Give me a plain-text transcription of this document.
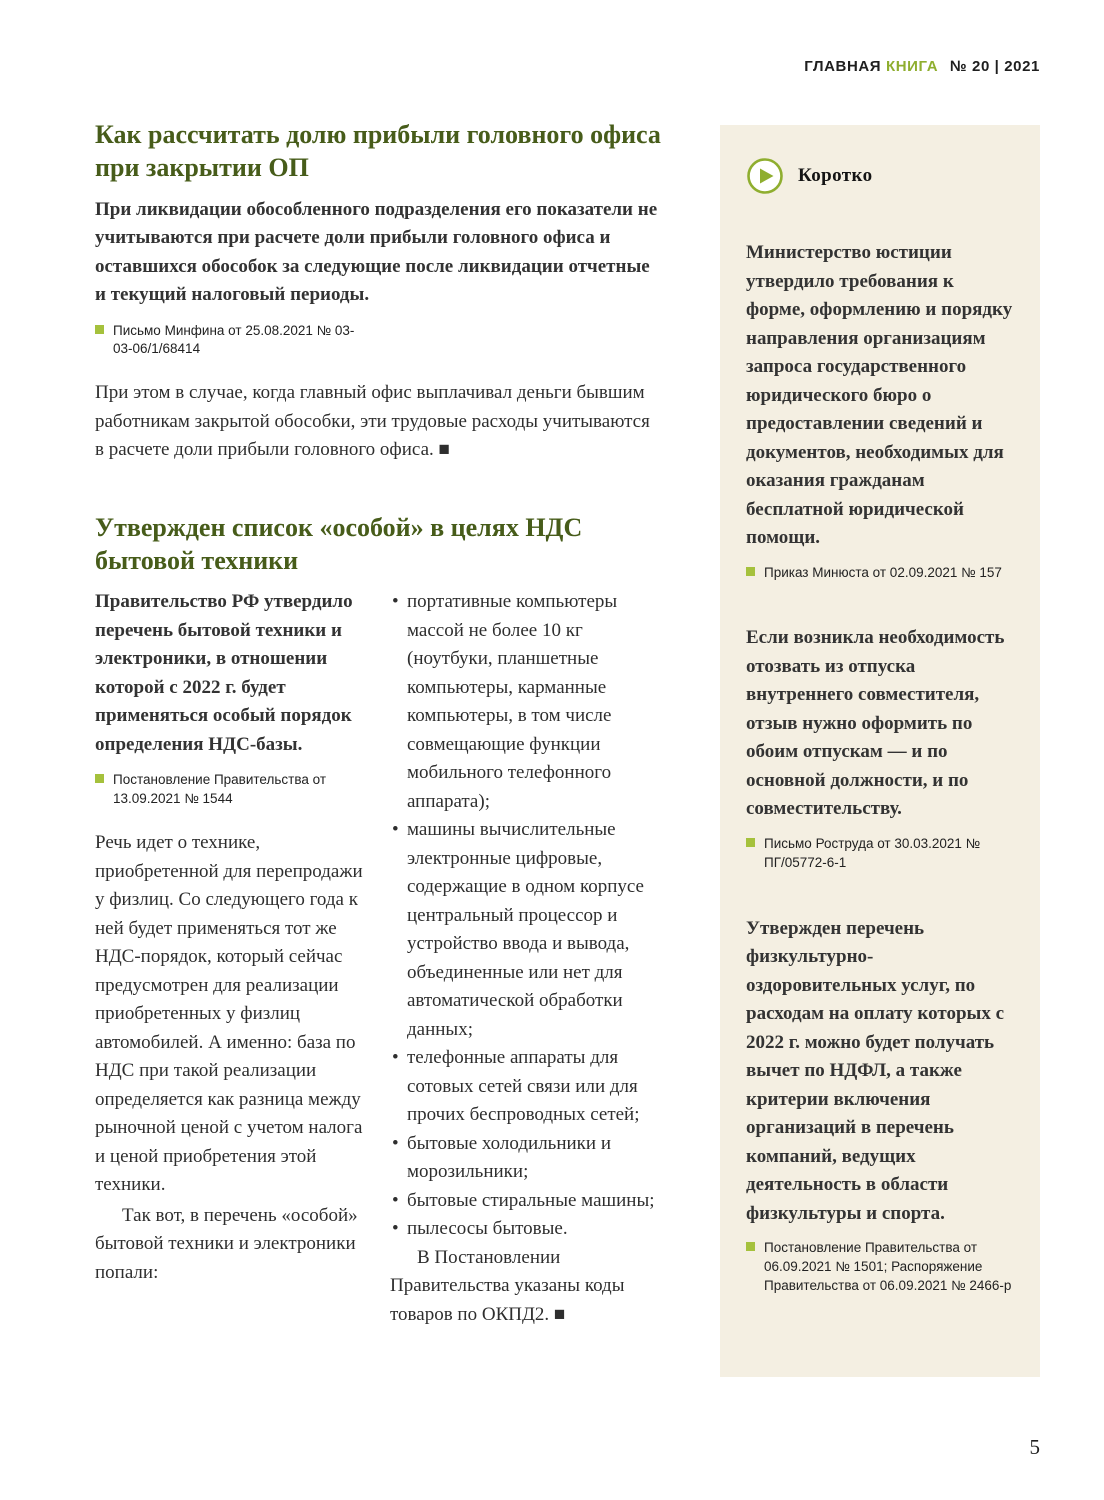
ГЛАВНАЯ КНИГА № 20 | 2021
Как рассчитать долю прибыли головного офиса при закрытии ОП

При ликвидации обособленного подразделения его показатели не учитываются при расчете доли прибыли головного офиса и оставшихся обособок за следующие после ликвидации отчетные и текущий налоговый периоды.

Письмо Минфина от 25.08.2021 № 03-03-06/1/68414

При этом в случае, когда главный офис выплачивал деньги бывшим работникам закрытой обособки, эти трудовые расходы учитываются в расчете доли прибыли головного офиса. ■

Утвержден список «особой» в целях НДС бытовой техники

Правительство РФ утвердило перечень бытовой техники и электроники, в отношении которой с 2022 г. будет применяться особый порядок определения НДС-базы.

Постановление Правительства от 13.09.2021 № 1544

Речь идет о технике, приобретенной для перепродажи у физлиц. Со следующего года к ней будет применяться тот же НДС-порядок, который сейчас предусмотрен для реализации приобретенных у физлиц автомобилей. А именно: база по НДС при такой реализации определяется как разница между рыночной ценой с учетом налога и ценой приобретения этой техники.

Так вот, в перечень «особой» бытовой техники и электроники попали:

• портативные компьютеры массой не более 10 кг (ноутбуки, планшетные компьютеры, карманные компьютеры, в том числе совмещающие функции мобильного телефонного аппарата);
• машины вычислительные электронные цифровые, содержащие в одном корпусе центральный процессор и устройство ввода и вывода, объединенные или нет для автоматической обработки данных;
• телефонные аппараты для сотовых сетей связи или для прочих беспроводных сетей;
• бытовые холодильники и морозильники;
• бытовые стиральные машины;
• пылесосы бытовые.

В Постановлении Правительства указаны коды товаров по ОКПД2. ■

Коротко

Министерство юстиции утвердило требования к форме, оформлению и порядку направления организациям запроса государственного юридического бюро о предоставлении сведений и документов, необходимых для оказания гражданам бесплатной юридической помощи.

Приказ Минюста от 02.09.2021 № 157

Если возникла необходимость отозвать из отпуска внутреннего совместителя, отзыв нужно оформить по обоим отпускам — и по основной должности, и по совместительству.

Письмо Роструда от 30.03.2021 № ПГ/05772-6-1

Утвержден перечень физкультурно-оздоровительных услуг, по расходам на оплату которых с 2022 г. можно будет получать вычет по НДФЛ, а также критерии включения организаций в перечень компаний, ведущих деятельность в области физкультуры и спорта.

Постановление Правительства от 06.09.2021 № 1501; Распоряжение Правительства от 06.09.2021 № 2466-р
5
